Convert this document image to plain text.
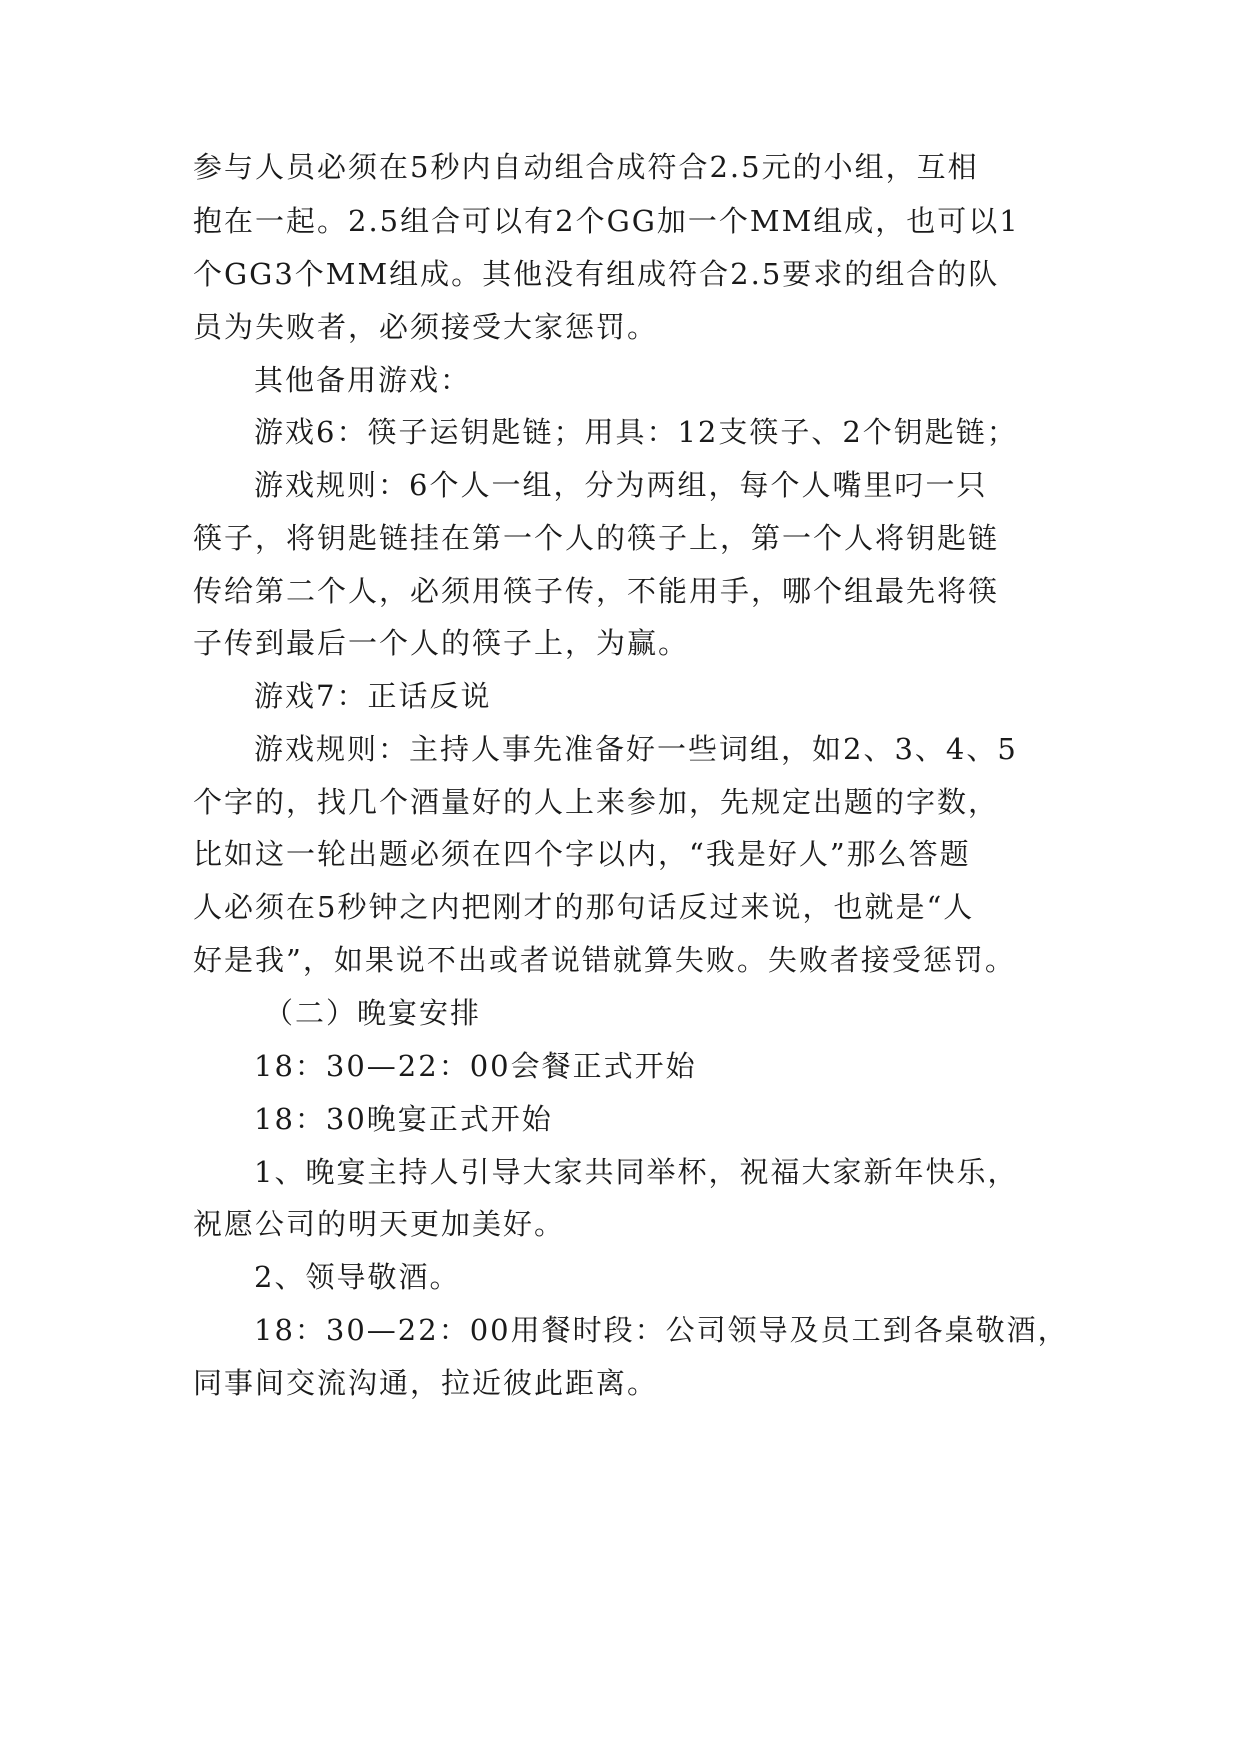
参与人员必须在5秒内自动组合成符合2.5元的小组，互相
抱在一起。2.5组合可以有2个GG加一个MM组成，也可以1
个GG3个MM组成。其他没有组成符合2.5要求的组合的队
员为失败者，必须接受大家惩罚。
其他备用游戏：
游戏6：筷子运钥匙链；用具：12支筷子、2个钥匙链；
游戏规则：6个人一组，分为两组，每个人嘴里叼一只
筷子，将钥匙链挂在第一个人的筷子上，第一个人将钥匙链
传给第二个人，必须用筷子传，不能用手，哪个组最先将筷
子传到最后一个人的筷子上，为赢。
游戏7：正话反说
游戏规则：主持人事先准备好一些词组，如2、3、4、5
个字的，找几个酒量好的人上来参加，先规定出题的字数，
比如这一轮出题必须在四个字以内，“我是好人”那么答题
人必须在5秒钟之内把刚才的那句话反过来说，也就是“人
好是我”，如果说不出或者说错就算失败。失败者接受惩罚。
（二）晚宴安排
18：30—22：00会餐正式开始
18：30晚宴正式开始
1、晚宴主持人引导大家共同举杯，祝福大家新年快乐，
祝愿公司的明天更加美好。
2、领导敬酒。
18：30—22：00用餐时段：公司领导及员工到各桌敬酒，
同事间交流沟通，拉近彼此距离。
